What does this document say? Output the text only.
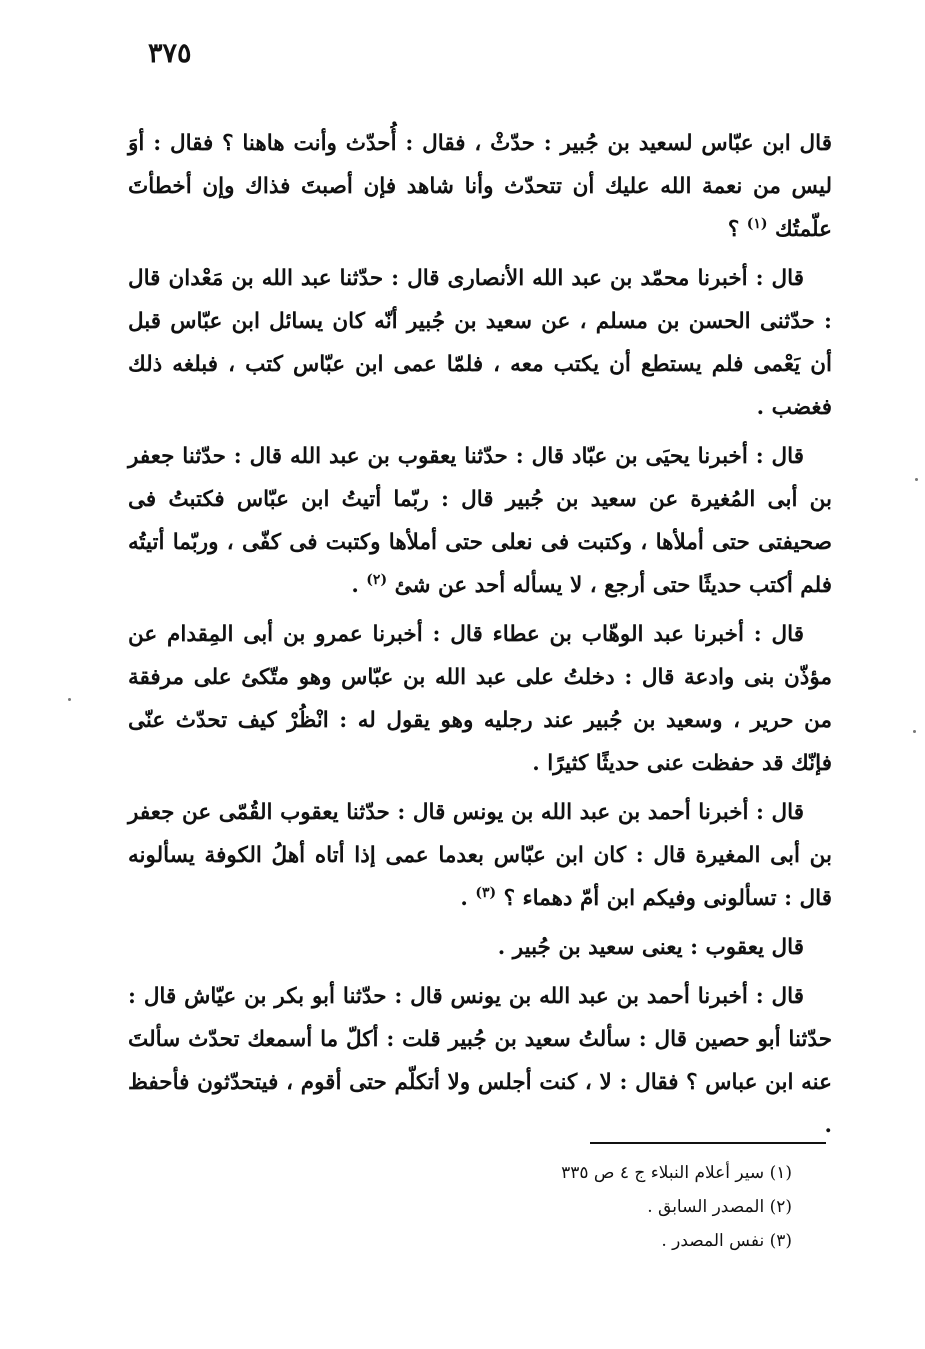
٣٧٥

قال ابن عبّاس لسعيد بن جُبير : حدّثْ ، فقال : أُحدّث وأنت هاهنا ؟ فقال : أوَ ليس من نعمة الله عليك أن تتحدّث وأنا شاهد فإن أصبتَ فذاك وإن أخطأتَ علّمتُك $^{(١)}$ ؟

قال : أخبرنا محمّد بن عبد الله الأنصارى قال : حدّثنا عبد الله بن مَعْدان قال : حدّثنى الحسن بن مسلم ، عن سعيد بن جُبير أنّه كان يسائل ابن عبّاس قبل أن يَعْمى فلم يستطع أن يكتب معه ، فلمّا عمى ابن عبّاس كتب ، فبلغه ذلك فغضب .

قال : أخبرنا يحيَى بن عبّاد قال : حدّثنا يعقوب بن عبد الله قال : حدّثنا جعفر بن أبى المُغيرة عن سعيد بن جُبير قال : ربّما أتيتُ ابن عبّاس فكتبتُ فى صحيفتى حتى أملأها ، وكتبت فى نعلى حتى أملأها وكتبت فى كفّى ، وربّما أتيتُه فلم أكتب حديثًا حتى أرجع ، لا يسأله أحد عن شئ $^{(٢)}$ .

قال : أخبرنا عبد الوهّاب بن عطاء قال : أخبرنا عمرو بن أبى المِقدام عن مؤذّن بنى وادعة قال : دخلتُ على عبد الله بن عبّاس وهو متّكئ على مرفقة من حرير ، وسعيد بن جُبير عند رجليه وهو يقول له : انْظُرْ كيف تحدّث عنّى فإنّك قد حفظت عنى حديثًا كثيرًا .

قال : أخبرنا أحمد بن عبد الله بن يونس قال : حدّثنا يعقوب القُمّى عن جعفر بن أبى المغيرة قال : كان ابن عبّاس بعدما عمى إذا أتاه أهلُ الكوفة يسألونه قال : تسألونى وفيكم ابن أمّ دهماء ؟ $^{(٣)}$ .

قال يعقوب : يعنى سعيد بن جُبير .

قال : أخبرنا أحمد بن عبد الله بن يونس قال : حدّثنا أبو بكر بن عيّاش قال : حدّثنا أبو حصين قال : سألتُ سعيد بن جُبير قلت : أكلّ ما أسمعك تحدّث سألتَ عنه ابن عباس ؟ فقال : لا ، كنت أجلس ولا أتكلّم حتى أقوم ، فيتحدّثون فأحفظ .

(١) سير أعلام النبلاء ج ٤ ص ٣٣٥

(٢) المصدر السابق .

(٣) نفس المصدر .
